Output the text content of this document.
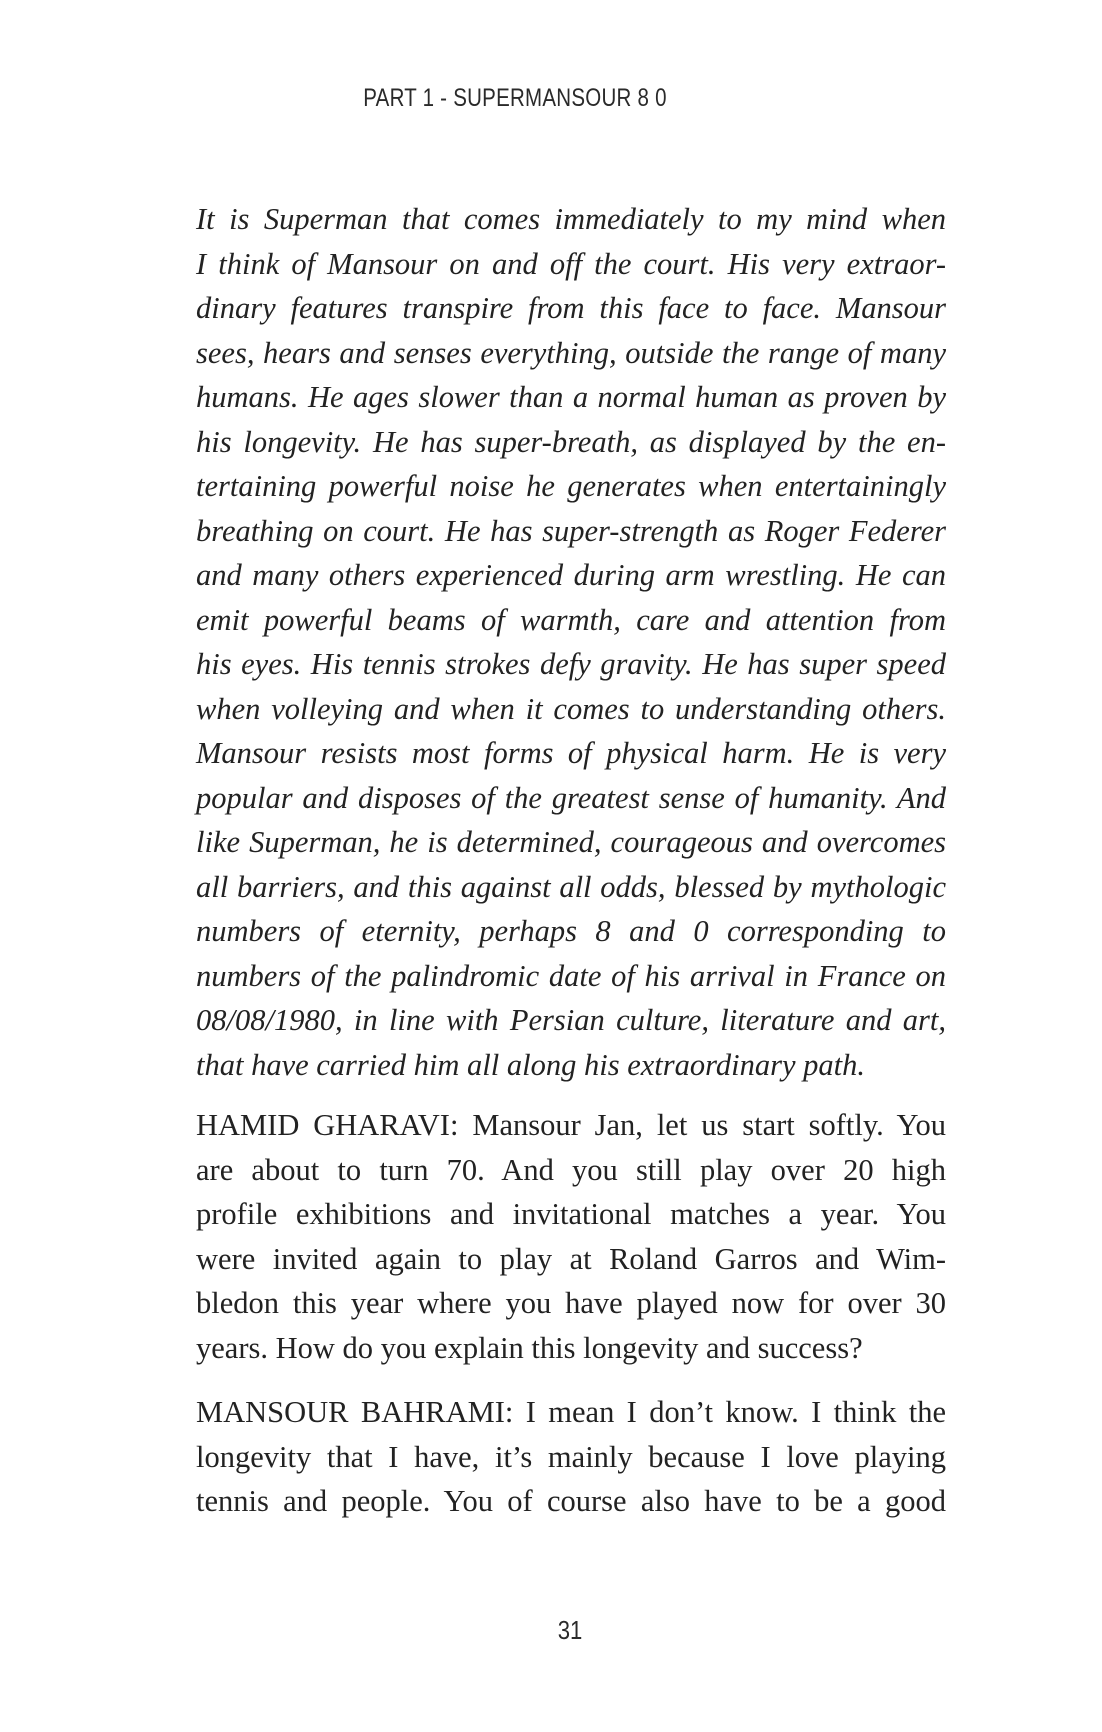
PART 1 - SUPERMANSOUR 8 0
It is Superman that comes immediately to my mind when
I think of Mansour on and off the court. His very extraor-
dinary features transpire from this face to face. Mansour
sees, hears and senses everything, outside the range of many
humans. He ages slower than a normal human as proven by
his longevity. He has super-breath, as displayed by the en-
tertaining powerful noise he generates when entertainingly
breathing on court. He has super-strength as Roger Federer
and many others experienced during arm wrestling. He can
emit powerful beams of warmth, care and attention from
his eyes. His tennis strokes defy gravity. He has super speed
when volleying and when it comes to understanding others.
Mansour resists most forms of physical harm. He is very
popular and disposes of the greatest sense of humanity. And
like Superman, he is determined, courageous and overcomes
all barriers, and this against all odds, blessed by mythologic
numbers of eternity, perhaps 8 and 0 corresponding to
numbers of the palindromic date of his arrival in France on
08/08/1980, in line with Persian culture, literature and art,
that have carried him all along his extraordinary path.
HAMID GHARAVI: Mansour Jan, let us start softly. You
are about to turn 70. And you still play over 20 high
profile exhibitions and invitational matches a year. You
were invited again to play at Roland Garros and Wim-
bledon this year where you have played now for over 30
years. How do you explain this longevity and success?
MANSOUR BAHRAMI: I mean I don’t know. I think the
longevity that I have, it’s mainly because I love playing
tennis and people. You of course also have to be a good
31
